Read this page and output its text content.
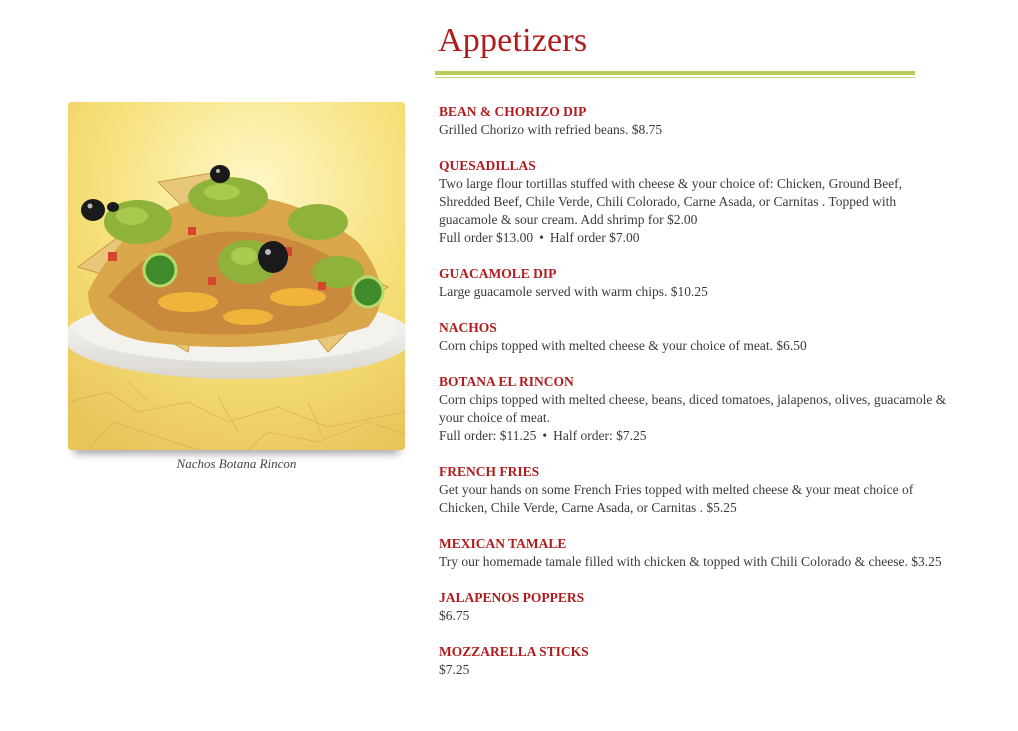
Nachos Botana Rincon
Appetizers
BEAN & CHORIZO DIP
Grilled Chorizo with refried beans. $8.75
QUESADILLAS
Two large flour tortillas stuffed with cheese & your choice of: Chicken, Ground Beef, Shredded Beef, Chile Verde, Chili Colorado, Carne Asada, or Carnitas . Topped with guacamole & sour cream. Add shrimp for $2.00
Full order $13.00 • Half order $7.00
GUACAMOLE DIP
Large guacamole served with warm chips. $10.25
NACHOS
Corn chips topped with melted cheese & your choice of meat. $6.50
BOTANA EL RINCON
Corn chips topped with melted cheese, beans, diced tomatoes, jalapenos, olives, guacamole & your choice of meat.
Full order: $11.25 • Half order: $7.25
FRENCH FRIES
Get your hands on some French Fries topped with melted cheese & your meat choice of Chicken, Chile Verde, Carne Asada, or Carnitas . $5.25
MEXICAN TAMALE
Try our homemade tamale filled with chicken & topped with Chili Colorado & cheese. $3.25
JALAPENOS POPPERS
$6.75
MOZZARELLA STICKS
$7.25
